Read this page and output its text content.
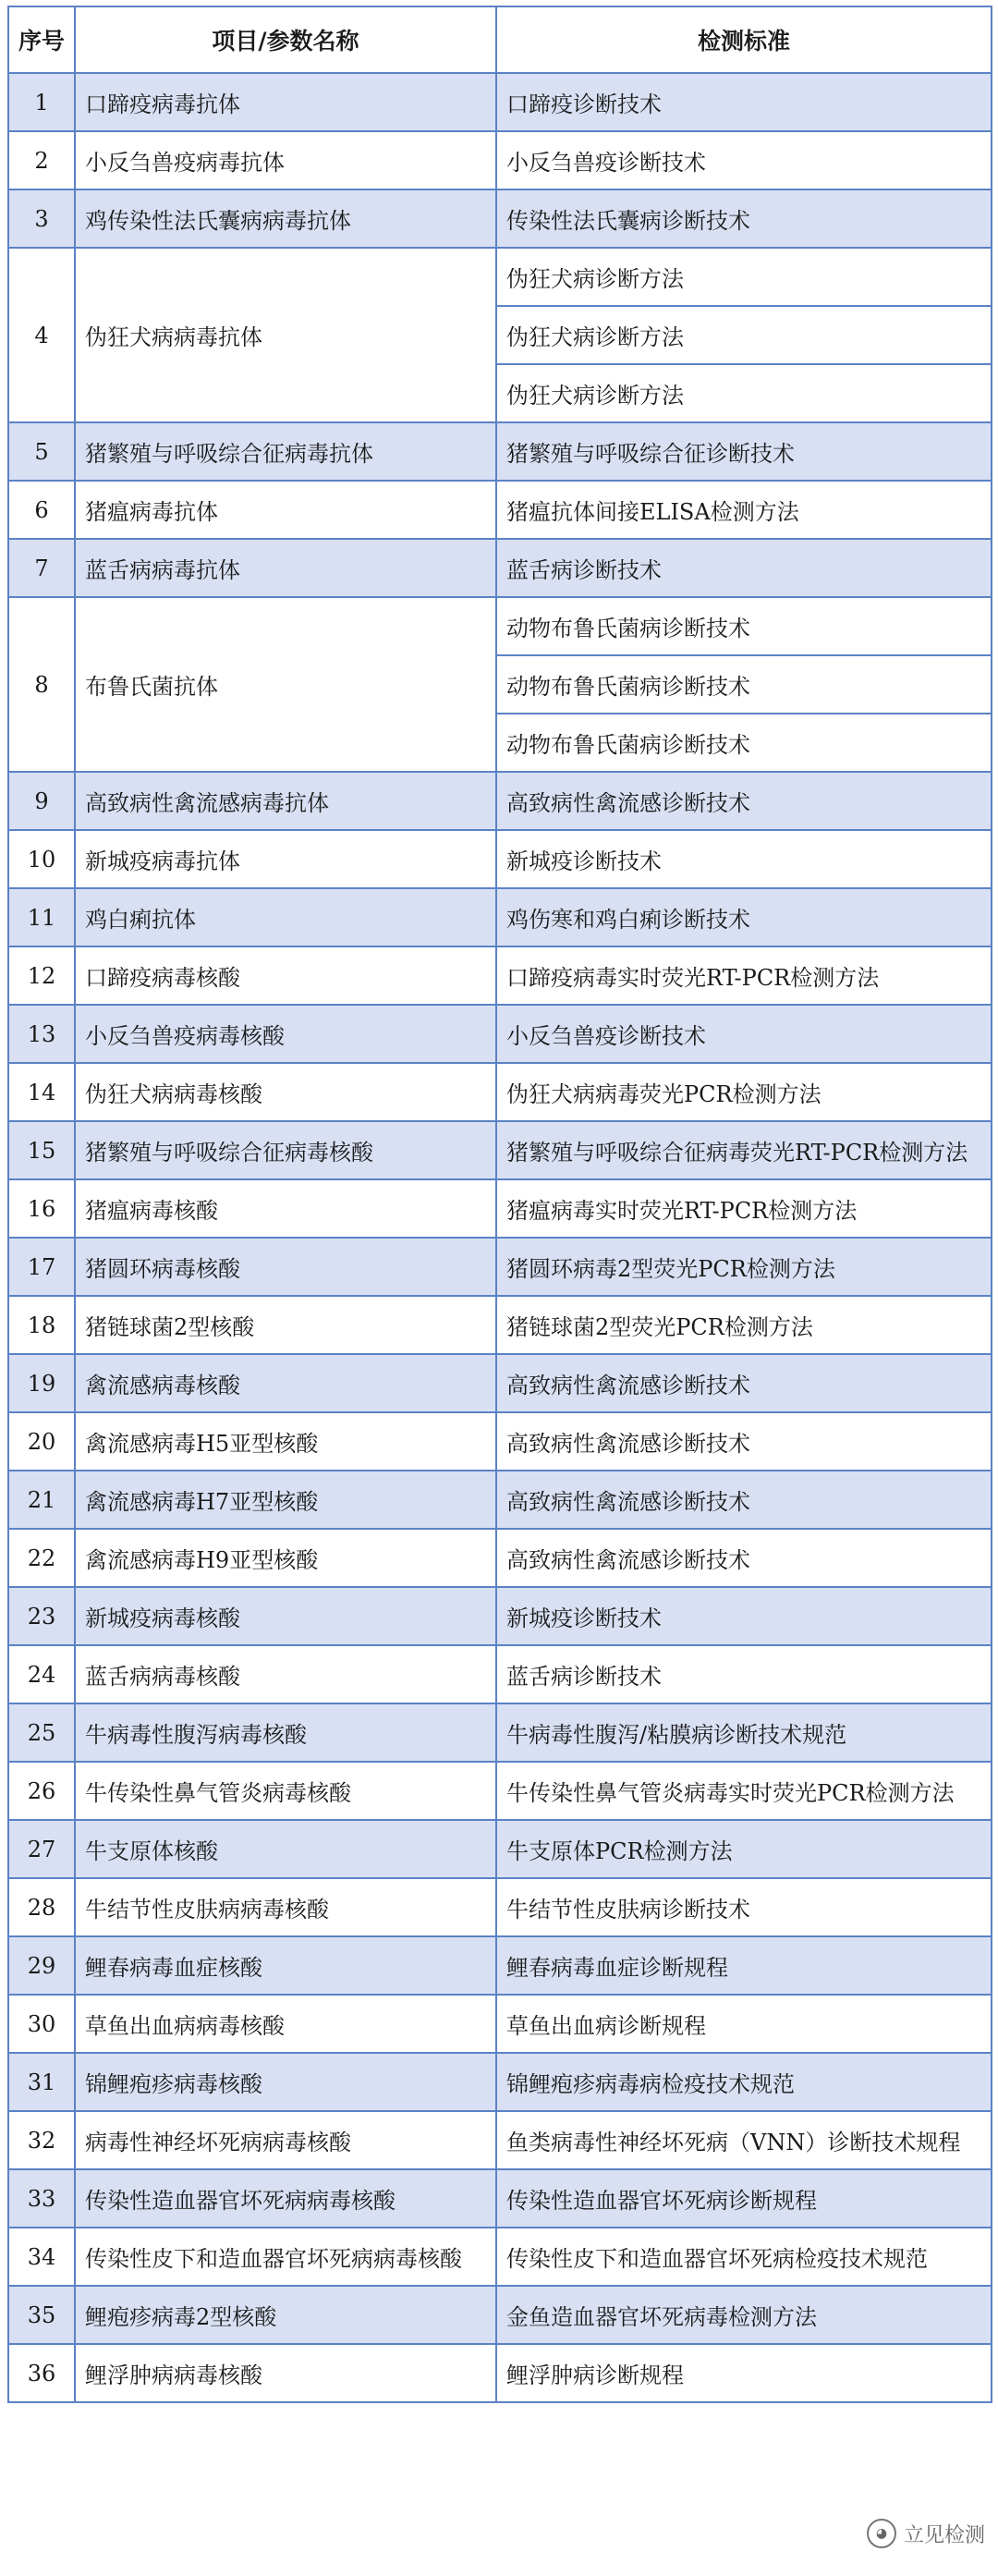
序号	项目/参数名称	检测标准
1	口蹄疫病毒抗体	口蹄疫诊断技术
2	小反刍兽疫病毒抗体	小反刍兽疫诊断技术
3	鸡传染性法氏囊病病毒抗体	传染性法氏囊病诊断技术
4	伪狂犬病病毒抗体	伪狂犬病诊断方法
		伪狂犬病诊断方法
		伪狂犬病诊断方法
5	猪繁殖与呼吸综合征病毒抗体	猪繁殖与呼吸综合征诊断技术
6	猪瘟病毒抗体	猪瘟抗体间接ELISA检测方法
7	蓝舌病病毒抗体	蓝舌病诊断技术
8	布鲁氏菌抗体	动物布鲁氏菌病诊断技术
		动物布鲁氏菌病诊断技术
		动物布鲁氏菌病诊断技术
9	高致病性禽流感病毒抗体	高致病性禽流感诊断技术
10	新城疫病毒抗体	新城疫诊断技术
11	鸡白痢抗体	鸡伤寒和鸡白痢诊断技术
12	口蹄疫病毒核酸	口蹄疫病毒实时荧光RT-PCR检测方法
13	小反刍兽疫病毒核酸	小反刍兽疫诊断技术
14	伪狂犬病病毒核酸	伪狂犬病病毒荧光PCR检测方法
15	猪繁殖与呼吸综合征病毒核酸	猪繁殖与呼吸综合征病毒荧光RT-PCR检测方法
16	猪瘟病毒核酸	猪瘟病毒实时荧光RT-PCR检测方法
17	猪圆环病毒核酸	猪圆环病毒2型荧光PCR检测方法
18	猪链球菌2型核酸	猪链球菌2型荧光PCR检测方法
19	禽流感病毒核酸	高致病性禽流感诊断技术
20	禽流感病毒H5亚型核酸	高致病性禽流感诊断技术
21	禽流感病毒H7亚型核酸	高致病性禽流感诊断技术
22	禽流感病毒H9亚型核酸	高致病性禽流感诊断技术
23	新城疫病毒核酸	新城疫诊断技术
24	蓝舌病病毒核酸	蓝舌病诊断技术
25	牛病毒性腹泻病毒核酸	牛病毒性腹泻/粘膜病诊断技术规范
26	牛传染性鼻气管炎病毒核酸	牛传染性鼻气管炎病毒实时荧光PCR检测方法
27	牛支原体核酸	牛支原体PCR检测方法
28	牛结节性皮肤病病毒核酸	牛结节性皮肤病诊断技术
29	鲤春病毒血症核酸	鲤春病毒血症诊断规程
30	草鱼出血病病毒核酸	草鱼出血病诊断规程
31	锦鲤疱疹病毒核酸	锦鲤疱疹病毒病检疫技术规范
32	病毒性神经坏死病病毒核酸	鱼类病毒性神经坏死病（VNN）诊断技术规程
33	传染性造血器官坏死病病毒核酸	传染性造血器官坏死病诊断规程
34	传染性皮下和造血器官坏死病病毒核酸	传染性皮下和造血器官坏死病检疫技术规范
35	鲤疱疹病毒2型核酸	金鱼造血器官坏死病毒检测方法
36	鲤浮肿病病毒核酸	鲤浮肿病诊断规程
◕ 立见检测
